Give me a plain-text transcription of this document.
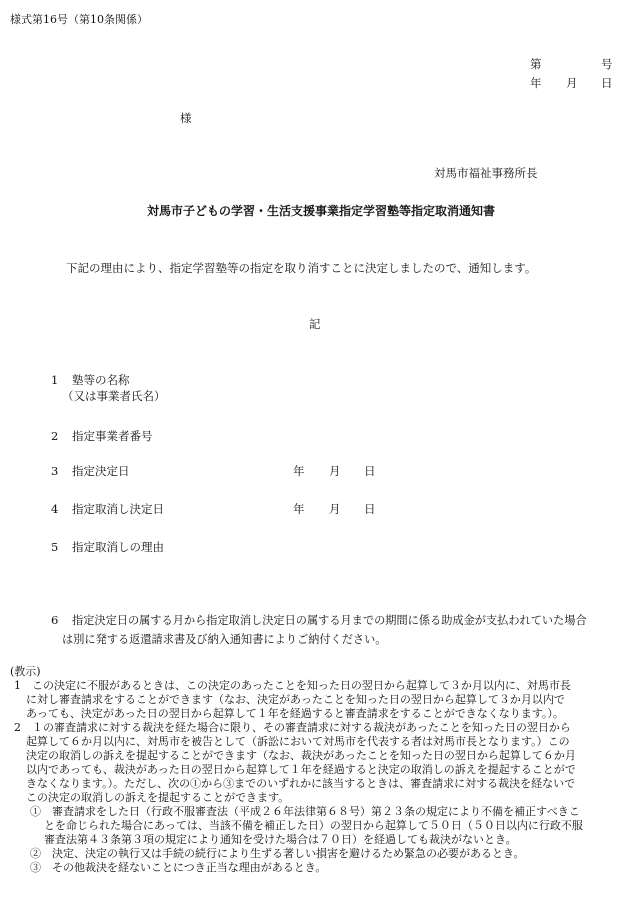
様式第16号（第10条関係）
第	号
年 月 日
様
対馬市福祉事務所長
対馬市子どもの学習・生活支援事業指定学習塾等指定取消通知書
下記の理由により、指定学習塾等の指定を取り消すことに決定しましたので、通知します。
記
1 塾等の名称
（又は事業者氏名）
2 指定事業者番号
3 指定決定日	年 月 日
4 指定取消し決定日	年 月 日
5 指定取消しの理由
6 指定決定日の属する月から指定取消し決定日の属する月までの期間に係る助成金が支払われていた場合
は別に発する返還請求書及び納入通知書によりご納付ください。
(教示)
1　この決定に不服があるときは、この決定のあったことを知った日の翌日から起算して３か月以内に、対馬市長
に対し審査請求をすることができます（なお、決定があったことを知った日の翌日から起算して３か月以内で
あっても、決定があった日の翌日から起算して１年を経過すると審査請求をすることができなくなります。）。
2　１の審査請求に対する裁決を経た場合に限り、その審査請求に対する裁決があったことを知った日の翌日から
起算して６か月以内に、対馬市を被告として（訴訟において対馬市を代表する者は対馬市長となります。）この
決定の取消しの訴えを提起することができます（なお、裁決があったことを知った日の翌日から起算して６か月
以内であっても、裁決があった日の翌日から起算して１年を経過すると決定の取消しの訴えを提起することがで
きなくなります。）。ただし、次の①から③までのいずれかに該当するときは、審査請求に対する裁決を経ないで
この決定の取消しの訴えを提起することができます。
①　審査請求をした日（行政不服審査法（平成２６年法律第６８号）第２３条の規定により不備を補正すべきこ
とを命じられた場合にあっては、当該不備を補正した日）の翌日から起算して５０日（５０日以内に行政不服
審査法第４３条第３項の規定により通知を受けた場合は７０日）を経過しても裁決がないとき。
②　決定、決定の執行又は手続の続行により生ずる著しい損害を避けるため緊急の必要があるとき。
③　その他裁決を経ないことにつき正当な理由があるとき。
